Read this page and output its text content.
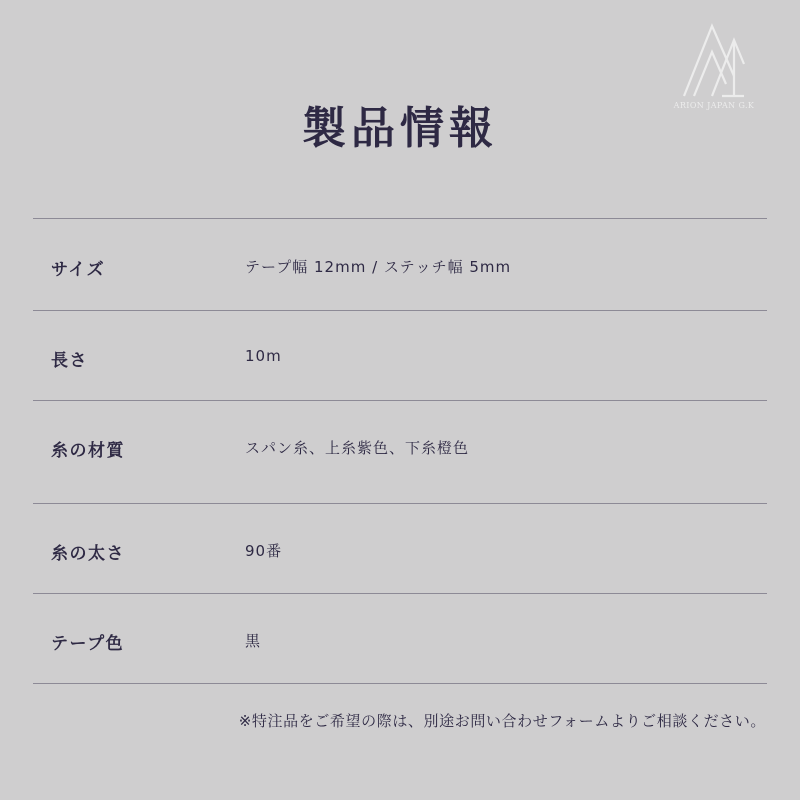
ARION JAPAN G.K
製品情報
サイズ	テープ幅 12mm / ステッチ幅 5mm
長さ	10m
糸の材質	スパン糸、上糸紫色、下糸橙色
糸の太さ	90番
テープ色	黒
※特注品をご希望の際は、別途お問い合わせフォームよりご相談ください。
